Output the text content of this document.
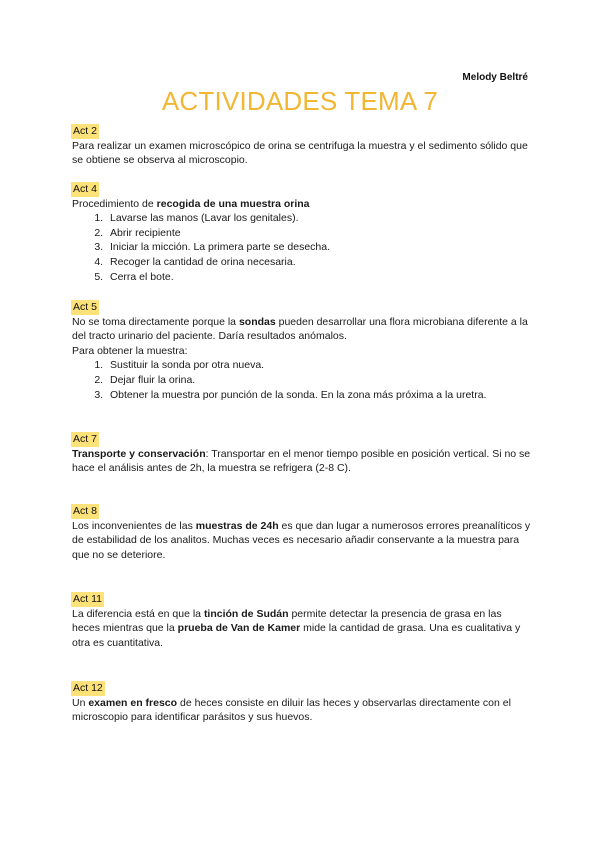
Melody Beltré
ACTIVIDADES TEMA 7
Act 2

Para realizar un examen microscópico de orina se centrifuga la muestra y el sedimento sólido que se obtiene se observa al microscopio.

Act 4

Procedimiento de recogida de una muestra orina

1. Lavarse las manos (Lavar los genitales).
2. Abrir recipiente
3. Iniciar la micción. La primera parte se desecha.
4. Recoger la cantidad de orina necesaria.
5. Cerra el bote.
Act 5

No se toma directamente porque la sondas pueden desarrollar una flora microbiana diferente a la del tracto urinario del paciente. Daría resultados anómalos.

Para obtener la muestra:

1. Sustituir la sonda por otra nueva.
2. Dejar fluir la orina.
3. Obtener la muestra por punción de la sonda. En la zona más próxima a la uretra.
Act 7

Transporte y conservación: Transportar en el menor tiempo posible en posición vertical. Si no se hace el análisis antes de 2h, la muestra se refrigera (2-8 C).

Act 8

Los inconvenientes de las muestras de 24h es que dan lugar a numerosos errores preanalíticos y de estabilidad de los analitos. Muchas veces es necesario añadir conservante a la muestra para que no se deteriore.

Act 11

La diferencia está en que la tinción de Sudán permite detectar la presencia de grasa en las heces mientras que la prueba de Van de Kamer mide la cantidad de grasa. Una es cualitativa y otra es cuantitativa.

Act 12

Un examen en fresco de heces consiste en diluir las heces y observarlas directamente con el microscopio para identificar parásitos y sus huevos.
